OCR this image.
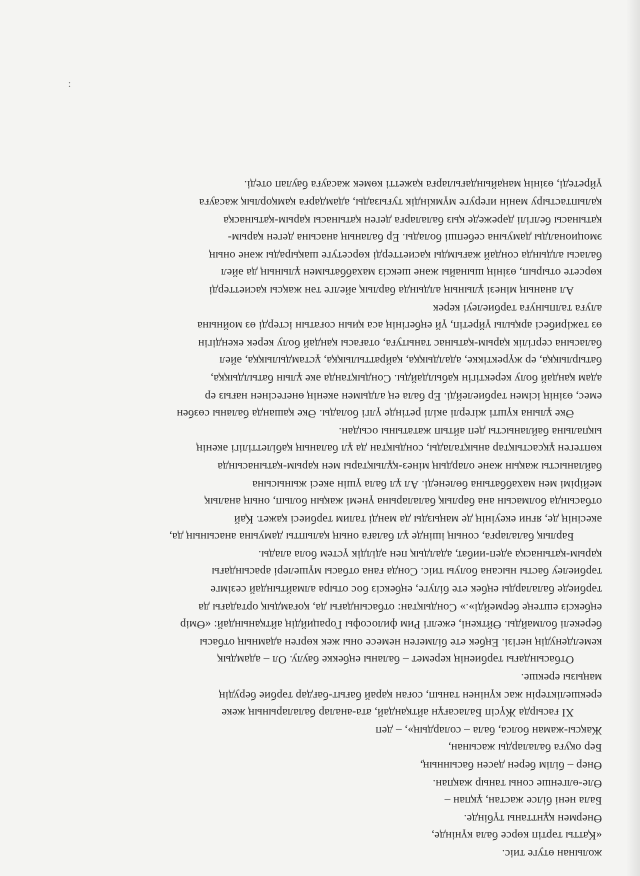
жолынан өтуге тиіс.
«Қатты тәртіп көрсе бала күнінде,
Өнермен құнттаны түбінде.
Бала нені білсе жастан, ұқпан –
Өле-өлгенше соны таныр жақпан.
Өнер – білім берен дәсен басынның,
Бер оқуға балаларды жасынан,
Жақсы-жаман болса, бала – солардың», – деп
XI ғасырда Жүсіп Баласағұн айтқандай, ата-аналар балаларының жеке
ерекшеліктерін жас күнінен танып, соған қарай бағыт-бағдар тәрбие берудің
маңызы ерекше.
Отбасындағы тәрбиенің керемет – баланы еңбекке баулу. Ол – адамдық
кемелденудің негізі. Еңбек ете білмеген немесе оны жек көрген адамның отбасы
берекелі болмайды. Өйткені, ежелгі Рим философы Горацийдің айтқанындай: «Өмір
еңбексіз ештеңе бермейді».» Сондықтан: отбасындағы да, қоғамдық ортадағы да
тәрбиеде балаларды еңбек ете білуге, еңбексіз бос отыра алмайтындай сезімге
тәрбиелеу басты нысана болуы тиіс. Сонда ғана отбасы мүшелері арасындағы
қарым-қатынасқа әдеп-иибат, адалдық пен әділдік үстем бола алады.
Барлық балаларға, соның ішінде ұл балаға оның қалыпты дамуына анасының да,
әкесінің де, яғни екеуінің де маңызды да мәнді талим тәрбиесі қажет. Қай
отбасында болмасын ана барлық балаларына үнемі жақын болып, оның аналық
мейірімі мен махаббатына бөленеді. Ал ұл бала үшін әкесі жынысына
байланысты жақын және олардың мінез-құлықтары мен қарым-қатынасында
көптеген ұқсастықтар анықталады, сондықтан да ұл баланың қабілеттілігі әкенің
ықпалына байланысты деп айтып жататыны осыдан.
Әке ұлына күшті жігерлі әкілі ретінде үлгі болады. Әке қашанда баланы сөзбен
емес, өзінің ісімен тәрбиелейді. Ер бала ең алдымен әкенің өнегесінен нағыз ер
адам қандай болу керектігін қабылдайды. Сондықтанда әке ұлын батылдыққа,
батырлыққа, ер жүректікке, адалдыққа, қайраттылыққа, ұстамдылыққа, әйел
баласына сергілік қарым-қатынас танытуға, отағасы қандай болу керек екендігін
өз тәжірибесі арқылы үйретіп, үй еңбегінің аса қиын соғатын істерді өз мойнына
алуға талпынуға тәрбиелеуі керек
Ал ананың мінезі ұлының алдында барлық әйелге тән жақсы қасиеттерді
көрсете отырып, өзінің шынайы және шексіз махаббатымен ұлының да әйел
баласы алдында сондай жағымды қасиеттерді көрсетуге шақырады және оның
эмоционалды дамуына себепші болады. Ер баланың анасына деген қарым-
қатынасы белгілі дәрежеде қыз балаларға деген қатынасы қарым-қатынасқа
қалыптастыру мәнін игеруге мүмкіндік туғызады, адамдарға қамқорлық жасауға
үйретеді, өзінің маңайындағыларға қажетті көмек жасауға баулап отеді.
:
